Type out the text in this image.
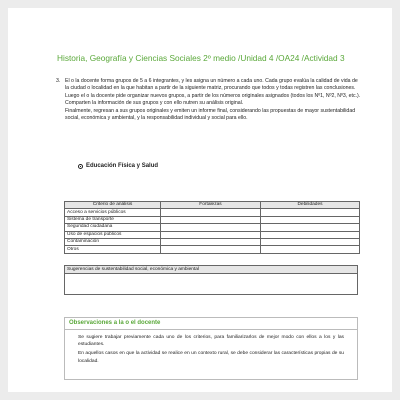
Historia, Geografía y Ciencias Sociales 2º medio /Unidad 4 /OA24 /Actividad 3
3. El o la docente forma grupos de 5 a 6 integrantes, y les asigna un número a cada uno. Cada grupo evalúa la calidad de vida de la ciudad o localidad en la que habitan a partir de la siguiente matriz, procurando que todos y todas registren las conclusiones. Luego el o la docente pide organizar nuevos grupos, a partir de los números originales asignados (todos los Nº1, Nº2, Nº3, etc.). Comparten la información de sus grupos y con ello nutren su análisis original.

Finalmente, regresan a sus grupos originales y emiten un informe final, considerando las propuestas de mayor sustentabilidad social, económica y ambiental, y la responsabilidad individual y social para ello.

Educación Física y Salud
Criterio de análisis	Fortalezas	Debilidades
Acceso a servicios públicos		
Sistema de transporte		
Seguridad ciudadana		
Uso de espacios públicos		
Contaminación		
Otros		
Sugerencias de sustentabilidad social, económica y ambiental
Observaciones a la o el docente

Se sugiere trabajar previamente cada uno de los criterios, para familiarizarlos de mejor modo con ellos a los y las estudiantes.

En aquellos casos en que la actividad se realice en un contexto rural, se debe considerar las características propias de su localidad.
